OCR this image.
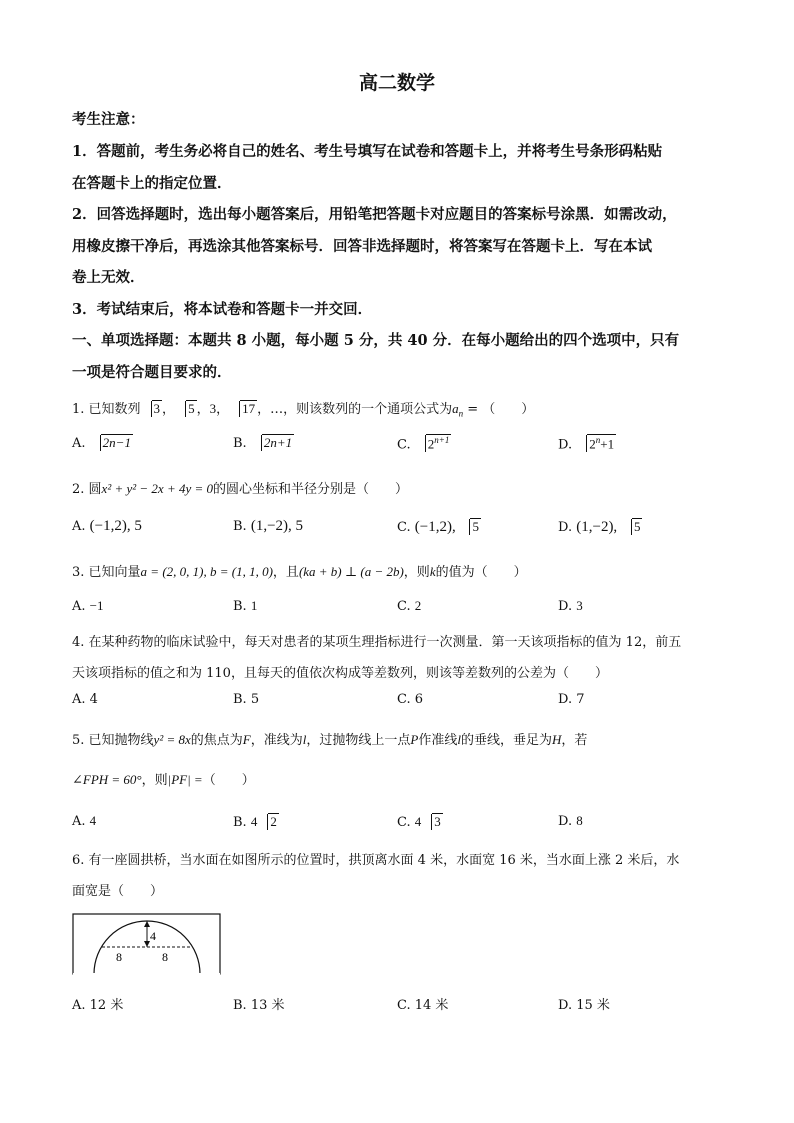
高二数学
考生注意：
1．答题前，考生务必将自己的姓名、考生号填写在试卷和答题卡上，并将考生号条形码粘贴
在答题卡上的指定位置．
2．回答选择题时，选出每小题答案后，用铅笔把答题卡对应题目的答案标号涂黑．如需改动，
用橡皮擦干净后，再选涂其他答案标号．回答非选择题时，将答案写在答题卡上．写在本试
卷上无效．
3．考试结束后，将本试卷和答题卡一并交回．
一、单项选择题：本题共 8 小题，每小题 5 分，共 40 分．在每小题给出的四个选项中，只有
一项是符合题目要求的．
1. 已知数列 3 ， 5 ，3， 17 ，…，则该数列的一个通项公式为$a_n$ = （　　）
A. 2n−1	B. 2n+1	C. $2^{n+1}$	D. $2^n+1$
2. 圆x² + y² − 2x + 4y = 0的圆心坐标和半径分别是（　　）
A. (−1,2), 5	B. (1,−2), 5	C. (−1,2), 5	D. (1,−2), 5
3. 已知向量a = (2, 0, 1), b = (1, 1, 0)，且(ka + b) ⊥ (a − 2b)，则k的值为（　　）
A. −1	B. 1	C. 2	D. 3
4. 在某种药物的临床试验中，每天对患者的某项生理指标进行一次测量．第一天该项指标的值为 12，前五
天该项指标的值之和为 110，且每天的值依次构成等差数列，则该等差数列的公差为（　　）
A. 4	B. 5	C. 6	D. 7
5. 已知抛物线y² = 8x的焦点为F，准线为l，过抛物线上一点P作准线l的垂线，垂足为H，若
∠FPH = 60°，则|PF| =（　　）
A. 4	B. 4 2	C. 4 3	D. 8
6. 有一座圆拱桥，当水面在如图所示的位置时，拱顶离水面 4 米，水面宽 16 米，当水面上涨 2 米后，水
面宽是（　　）
4
8	8
A. 12 米	B. 13 米	C. 14 米	D. 15 米
